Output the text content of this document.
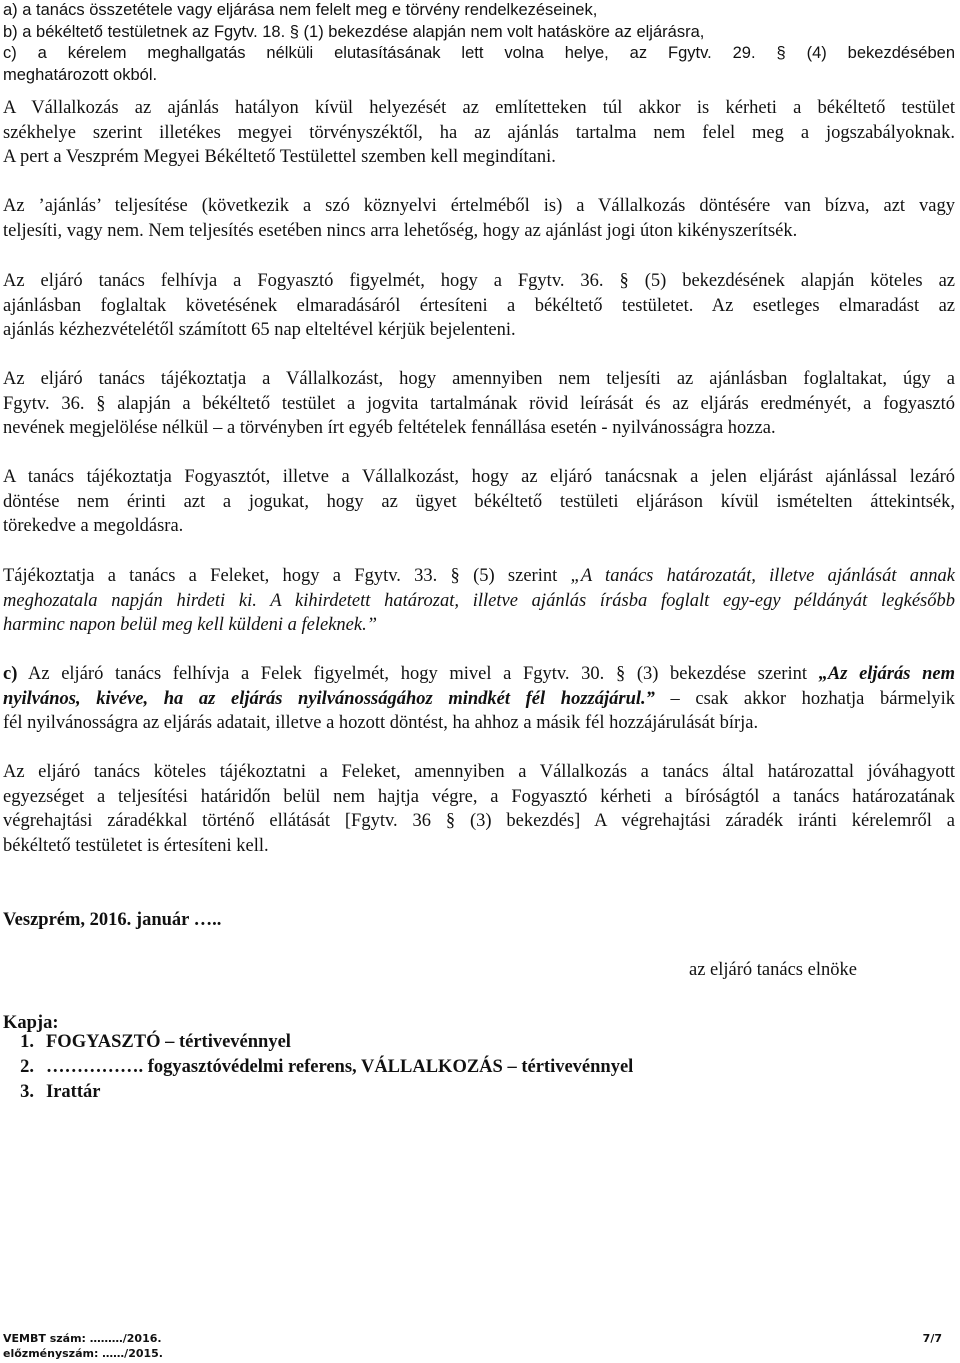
a) a tanács összetétele vagy eljárása nem felelt meg e törvény rendelkezéseinek,
b) a békéltető testületnek az Fgytv. 18. § (1) bekezdése alapján nem volt hatásköre az eljárásra,
c) a kérelem meghallgatás nélküli elutasításának lett volna helye, az Fgytv. 29. § (4) bekezdésében
meghatározott okból.
A Vállalkozás az ajánlás hatályon kívül helyezését az említetteken túl akkor is kérheti a békéltető testület
székhelye szerint illetékes megyei törvényszéktől, ha az ajánlás tartalma nem felel meg a jogszabályoknak.
A pert a Veszprém Megyei Békéltető Testülettel szemben kell megindítani.
Az ’ajánlás’ teljesítése (következik a szó köznyelvi értelméből is) a Vállalkozás döntésére van bízva, azt vagy
teljesíti, vagy nem. Nem teljesítés esetében nincs arra lehetőség, hogy az ajánlást jogi úton kikényszerítsék.
Az eljáró tanács felhívja a Fogyasztó figyelmét, hogy a Fgytv. 36. § (5) bekezdésének alapján köteles az
ajánlásban foglaltak követésének elmaradásáról értesíteni a békéltető testületet. Az esetleges elmaradást az
ajánlás kézhezvételétől számított 65 nap elteltével kérjük bejelenteni.
Az eljáró tanács tájékoztatja a Vállalkozást, hogy amennyiben nem teljesíti az ajánlásban foglaltakat, úgy a
Fgytv. 36. § alapján a békéltető testület a jogvita tartalmának rövid leírását és az eljárás eredményét, a fogyasztó
nevének megjelölése nélkül – a törvényben írt egyéb feltételek fennállása esetén - nyilvánosságra hozza.
A tanács tájékoztatja Fogyasztót, illetve a Vállalkozást, hogy az eljáró tanácsnak a jelen eljárást ajánlással lezáró
döntése nem érinti azt a jogukat, hogy az ügyet békéltető testületi eljáráson kívül ismételten áttekintsék,
törekedve a megoldásra.
Tájékoztatja a tanács a Feleket, hogy a Fgytv. 33. § (5) szerint „A tanács határozatát, illetve ajánlását annak
meghozatala napján hirdeti ki. A kihirdetett határozat, illetve ajánlás írásba foglalt egy-egy példányát legkésőbb
harminc napon belül meg kell küldeni a feleknek.”
c) Az eljáró tanács felhívja a Felek figyelmét, hogy mivel a Fgytv. 30. § (3) bekezdése szerint „Az eljárás nem
nyilvános, kivéve, ha az eljárás nyilvánosságához mindkét fél hozzájárul.” – csak akkor hozhatja bármelyik
fél nyilvánosságra az eljárás adatait, illetve a hozott döntést, ha ahhoz a másik fél hozzájárulását bírja.
Az eljáró tanács köteles tájékoztatni a Feleket, amennyiben a Vállalkozás a tanács által határozattal jóváhagyott
egyezséget a teljesítési határidőn belül nem hajtja végre, a Fogyasztó kérheti a bíróságtól a tanács határozatának
végrehajtási záradékkal történő ellátását [Fgytv. 36 § (3) bekezdés] A végrehajtási záradék iránti kérelemről a
békéltető testületet is értesíteni kell.
Veszprém, 2016. január …..
az eljáró tanács elnöke
Kapja:
1. FOGYASZTÓ – tértivevénnyel
2. ……………. fogyasztóvédelmi referens, VÁLLALKOZÁS – tértivevénnyel
3. Irattár
VEMBT szám: ………/2016.
előzményszám: ……/2015.
7/7
